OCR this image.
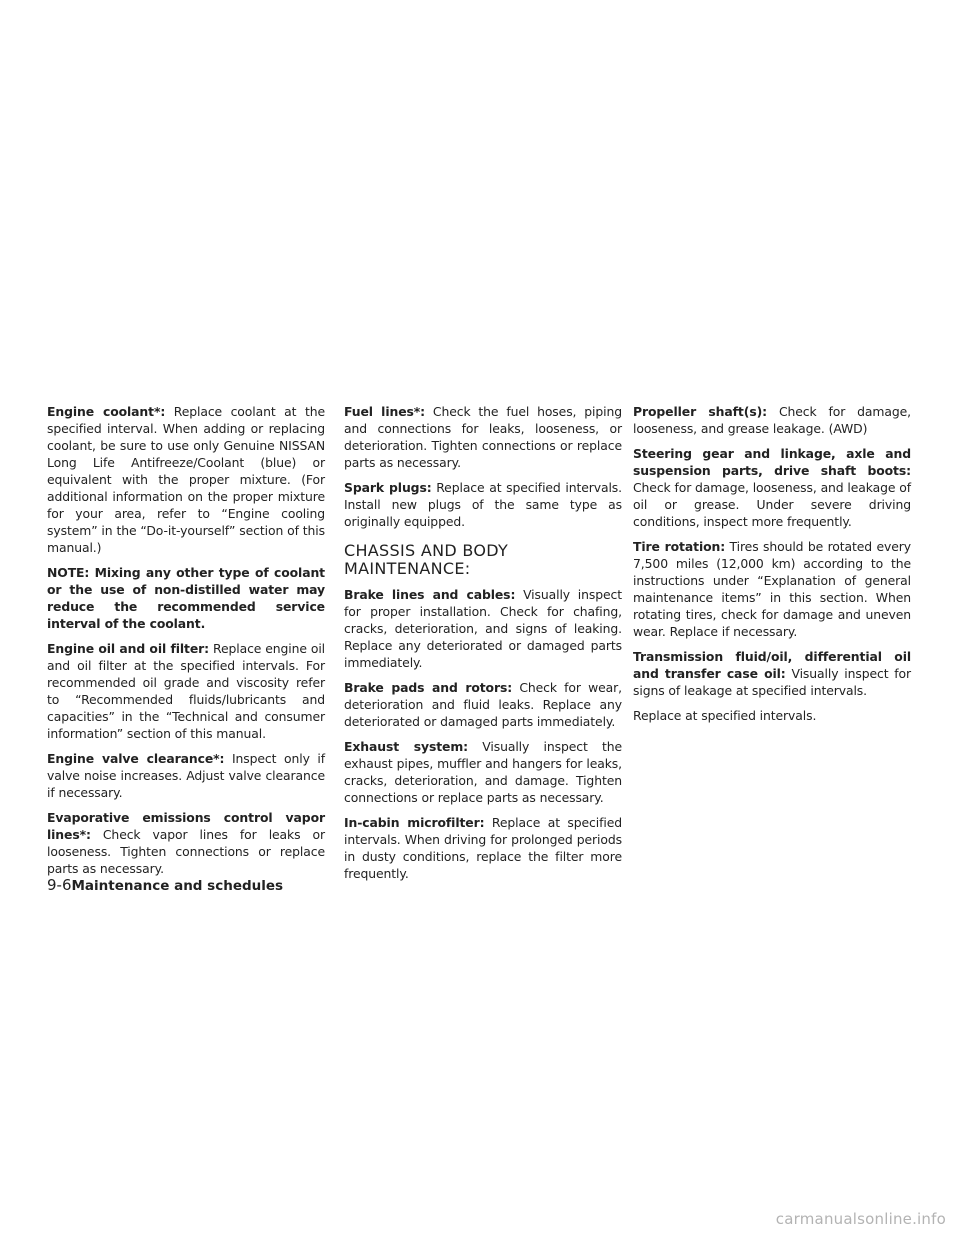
Engine coolant*: Replace coolant at the specified interval. When adding or replacing coolant, be sure to use only Genuine NISSAN Long Life Antifreeze/Coolant (blue) or equivalent with the proper mixture. (For additional information on the proper mixture for your area, refer to “Engine cooling system” in the “Do-it-yourself” section of this manual.)

NOTE: Mixing any other type of coolant or the use of non-distilled water may reduce the recommended service interval of the coolant.

Engine oil and oil filter: Replace engine oil and oil filter at the specified intervals. For recommended oil grade and viscosity refer to “Recommended fluids/lubricants and capacities” in the “Technical and consumer information” section of this manual.

Engine valve clearance*: Inspect only if valve noise increases. Adjust valve clearance if necessary.

Evaporative emissions control vapor lines*: Check vapor lines for leaks or looseness. Tighten connections or replace parts as necessary.

Fuel lines*: Check the fuel hoses, piping and connections for leaks, looseness, or deterioration. Tighten connections or replace parts as necessary.

Spark plugs: Replace at specified intervals. Install new plugs of the same type as originally equipped.

CHASSIS AND BODY MAINTENANCE:

Brake lines and cables: Visually inspect for proper installation. Check for chafing, cracks, deterioration, and signs of leaking. Replace any deteriorated or damaged parts immediately.

Brake pads and rotors: Check for wear, deterioration and fluid leaks. Replace any deteriorated or damaged parts immediately.

Exhaust system: Visually inspect the exhaust pipes, muffler and hangers for leaks, cracks, deterioration, and damage. Tighten connections or replace parts as necessary.

In-cabin microfilter: Replace at specified intervals. When driving for prolonged periods in dusty conditions, replace the filter more frequently.

Propeller shaft(s): Check for damage, looseness, and grease leakage. (AWD)

Steering gear and linkage, axle and suspension parts, drive shaft boots: Check for damage, looseness, and leakage of oil or grease. Under severe driving conditions, inspect more frequently.

Tire rotation: Tires should be rotated every 7,500 miles (12,000 km) according to the instructions under “Explanation of general maintenance items” in this section. When rotating tires, check for damage and uneven wear. Replace if necessary.

Transmission fluid/oil, differential oil and transfer case oil: Visually inspect for signs of leakage at specified intervals.

Replace at specified intervals.

9-6Maintenance and schedules
carmanualsonline.info
